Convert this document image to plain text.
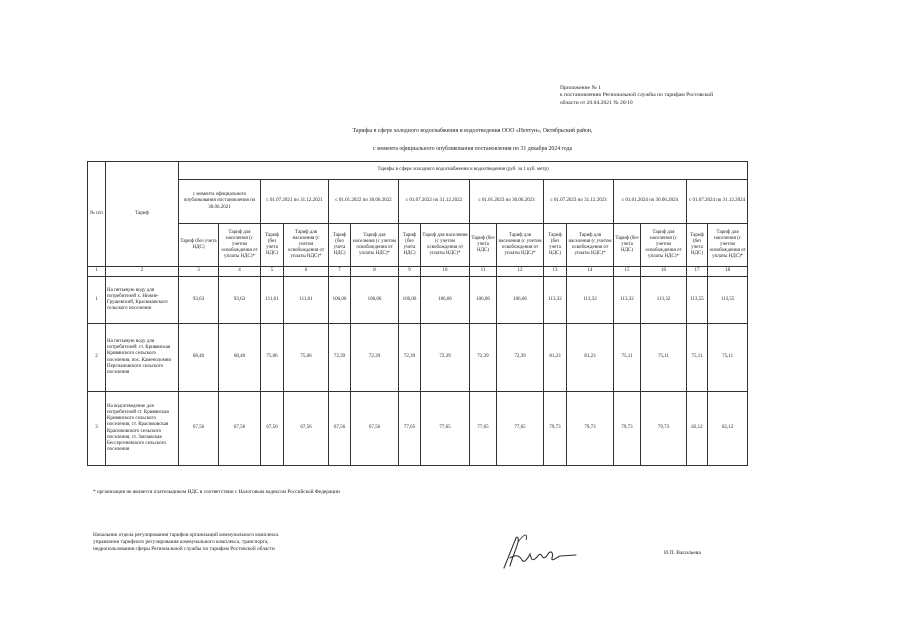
Приложение № 1
к постановлению Региональной службы по тарифам Ростовской
области от 20.04.2021 № 20/10
Тарифы в сфере холодного водоснабжения и водоотведения ООО «Нептун», Октябрьский район,
с момента официального опубликования постановления по 31 декабря 2024 года
№ п/п	Тариф	Тарифы в сфере холодного водоснабжения и водоотведения (руб. за 1 куб. метр)															
		с момента официального опубликования постановления по 30.06.2021		с 01.07.2021 по 31.12.2021		с 01.01.2022 по 30.06.2022		с 01.07.2022 по 31.12.2022		с 01.01.2023 по 30.06.2023		с 01.07.2023 по 31.12.2023		с 01.01.2024 по 30.06.2024		с 01.07.2024 по 31.12.2024	
		Тариф (без учета НДС)	Тариф для населения (с учетом освобождения от уплаты НДС)*	Тариф (без учета НДС)	Тариф для населения (с учетом освобождения от уплаты НДС)*	Тариф (без учета НДС)	Тариф для населения (с учетом освобождения от уплаты НДС)*	Тариф (без учета НДС)	Тариф для населения (с учетом освобождения от уплаты НДС)*	Тариф (без учета НДС)	Тариф для населения (с учетом освобождения от уплаты НДС)*	Тариф (без учета НДС)	Тариф для населения (с учетом освобождения от уплаты НДС)*	Тариф (без учета НДС)	Тариф для населения (с учетом освобождения от уплаты НДС)*	Тариф (без учета НДС)	Тариф для населения (с учетом освобождения от уплаты НДС)*
1	2	3	4	5	6	7	8	9	10	11	12	13	14	15	16	17	18
1	На питьевую воду для потребителей х. Нижне-Грушевский, Красюковского сельского поселения	93,63	93,63	111,61	111,61	106,06	106,06	106,06	106,06	106,06	106,06	113,32	113,32	113,32	113,32	113,55	113,55
2	На питьевую воду для потребителей: ст. Кривянская Кривянского сельского поселения, пос. Каменоломни Персиановского сельского поселения	68,40	68,40	75,06	75,06	72,39	72,39	72,39	72,39	72,39	72,39	81,23	81,23	75,11	75,11	75,11	75,11
3	На водоотведение для потребителей ст. Кривянская Кривянского сельского поселения, ст. Красюковская Красюковского сельского поселения, ст. Заплавская Бессергеневского сельского поселения	67,56	67,56	67,56	67,56	67,56	67,56	77,65	77,65	77,65	77,65	79,73	79,73	79,73	79,73	82,12	82,12
* организация не является плательщиком НДС в соответствии с Налоговым кодексом Российской Федерации
Начальник отдела регулирования тарифов организаций коммунального комплекса
управления тарифного регулирования коммунального комплекса, транспорта,
недропользования сферы Региональной службы по тарифам Ростовской области
И.П. Васильева
